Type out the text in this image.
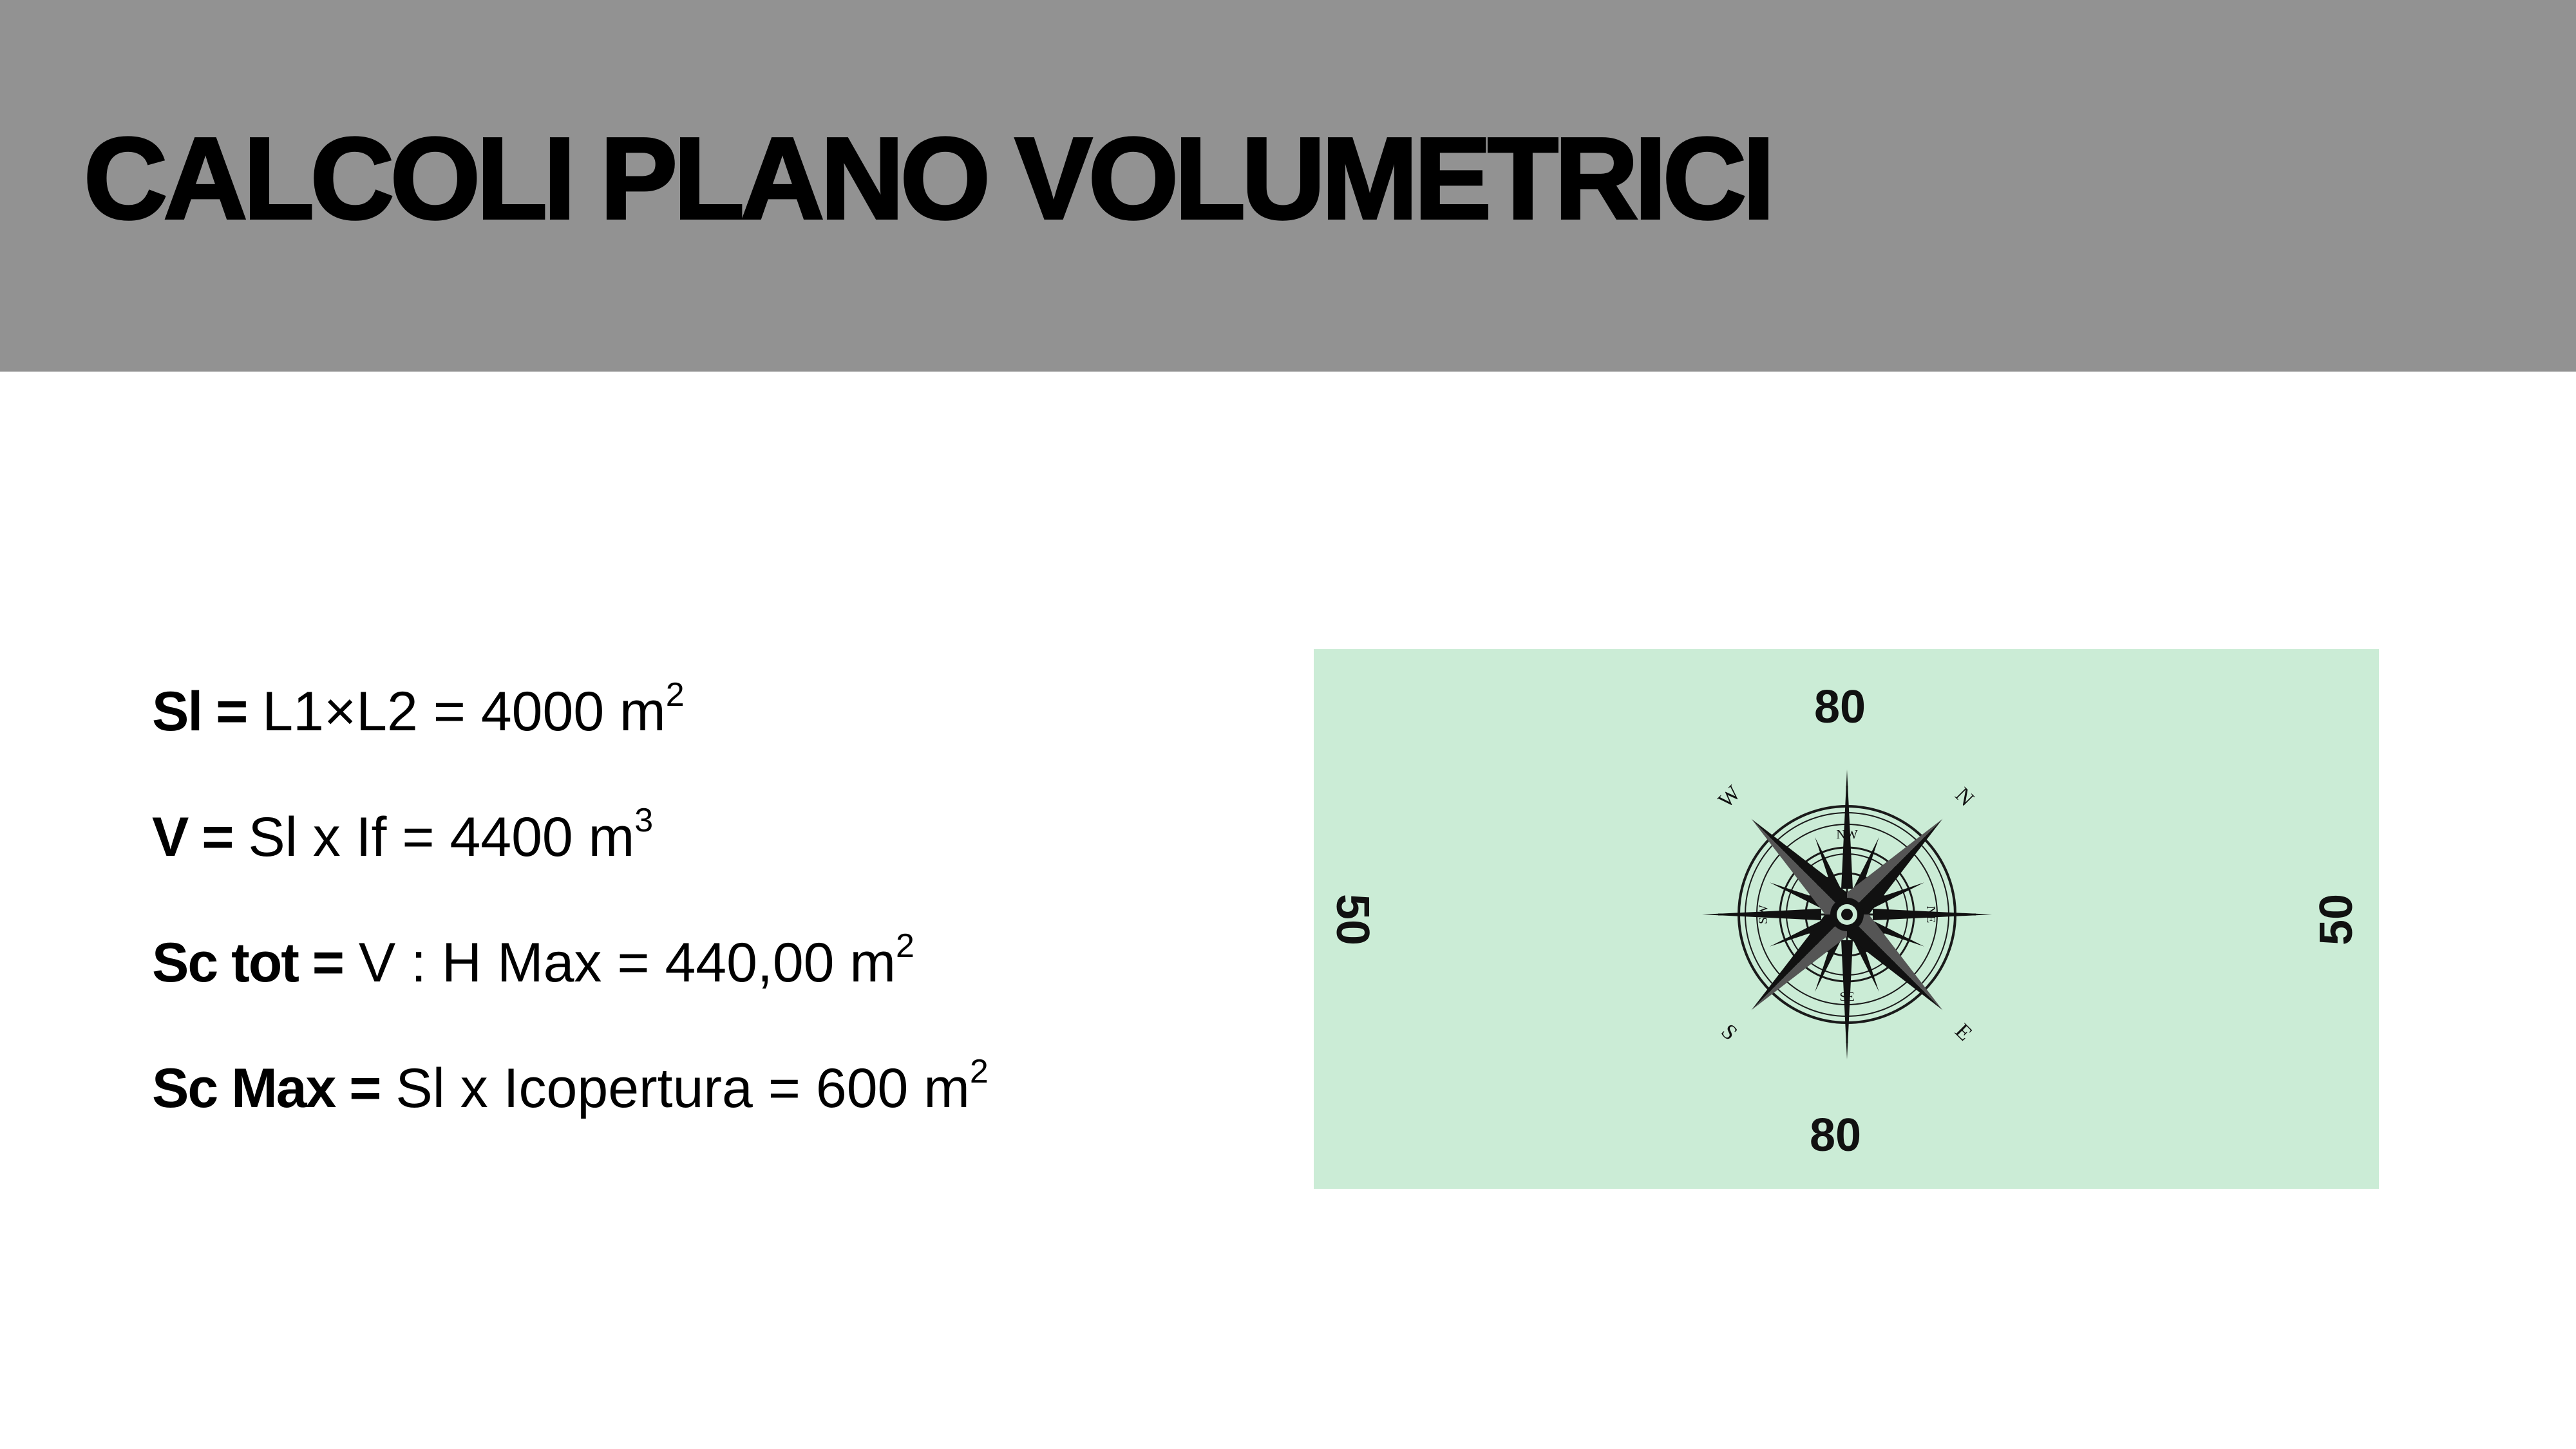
CALCOLI PLANO VOLUMETRICI
Sl = L1×L2 = 4000 $m^2$
V = Sl x If = 4400 $m^3$
Sc tot = V : H Max = 440,00 $m^2$
Sc Max = Sl x Icopertura = 600 $m^2$
80
80
50	50
N
E
S
W
NW
SE
NE
SW
